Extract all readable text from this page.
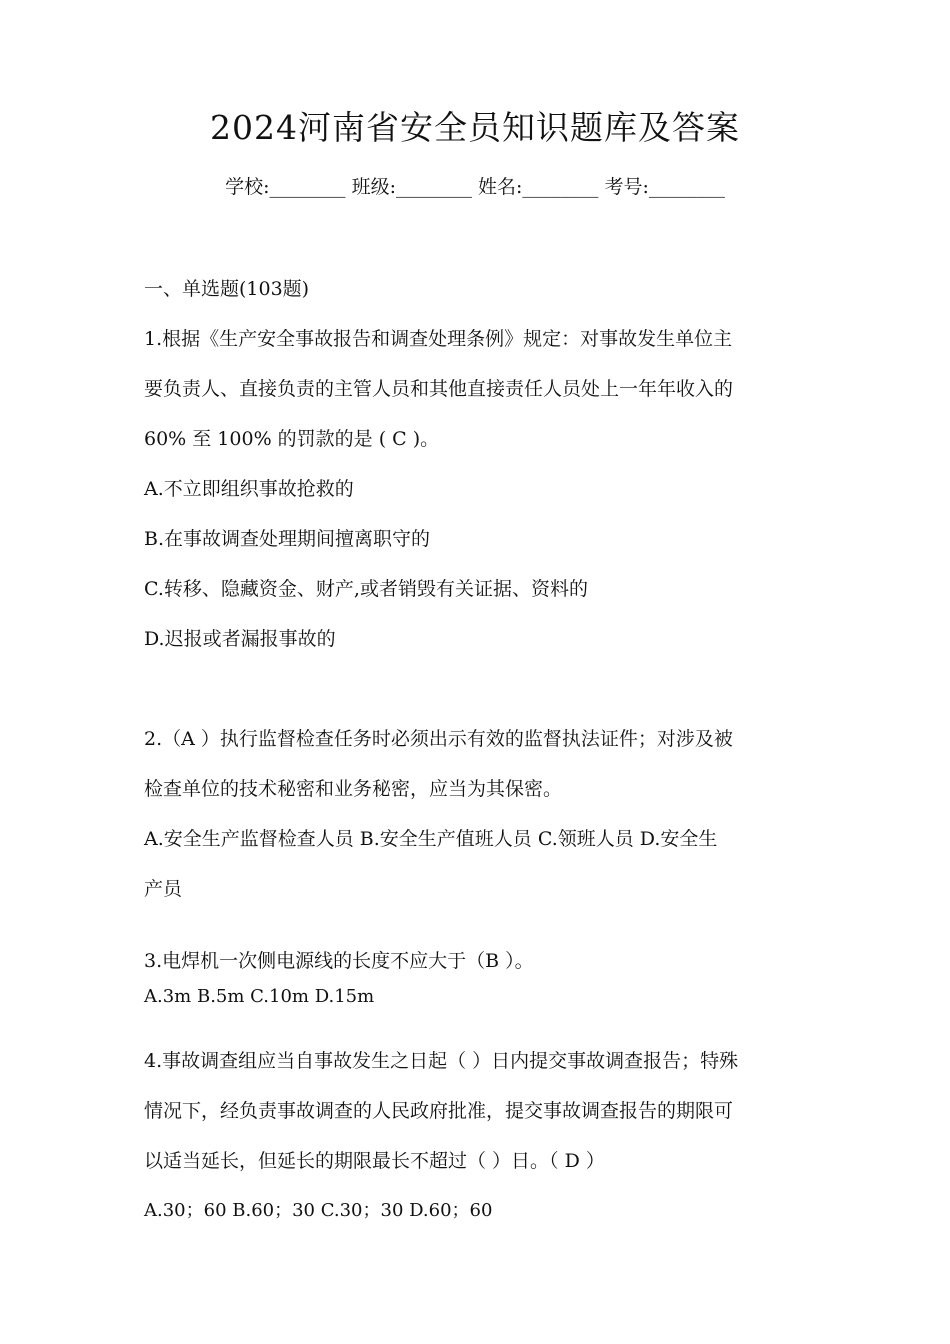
2024河南省安全员知识题库及答案
学校:________ 班级:________ 姓名:________ 考号:________
一、单选题(103题)
1.根据《生产安全事故报告和调查处理条例》规定：对事故发生单位主
要负责人、直接负责的主管人员和其他直接责任人员处上一年年收入的
60% 至 100% 的罚款的是 ( C )。
A.不立即组织事故抢救的
B.在事故调查处理期间擅离职守的
C.转移、隐藏资金、财产,或者销毁有关证据、资料的
D.迟报或者漏报事故的
2.（A ）执行监督检查任务时必须出示有效的监督执法证件；对涉及被
检查单位的技术秘密和业务秘密，应当为其保密。
A.安全生产监督检查人员 B.安全生产值班人员 C.领班人员 D.安全生
产员
3.电焊机一次侧电源线的长度不应大于（B ）。
A.3m B.5m C.10m D.15m
4.事故调查组应当自事故发生之日起（ ）日内提交事故调查报告；特殊
情况下，经负责事故调查的人民政府批准，提交事故调查报告的期限可
以适当延长，但延长的期限最长不超过（ ）日。（ D ）
A.30；60 B.60；30 C.30；30 D.60；60
